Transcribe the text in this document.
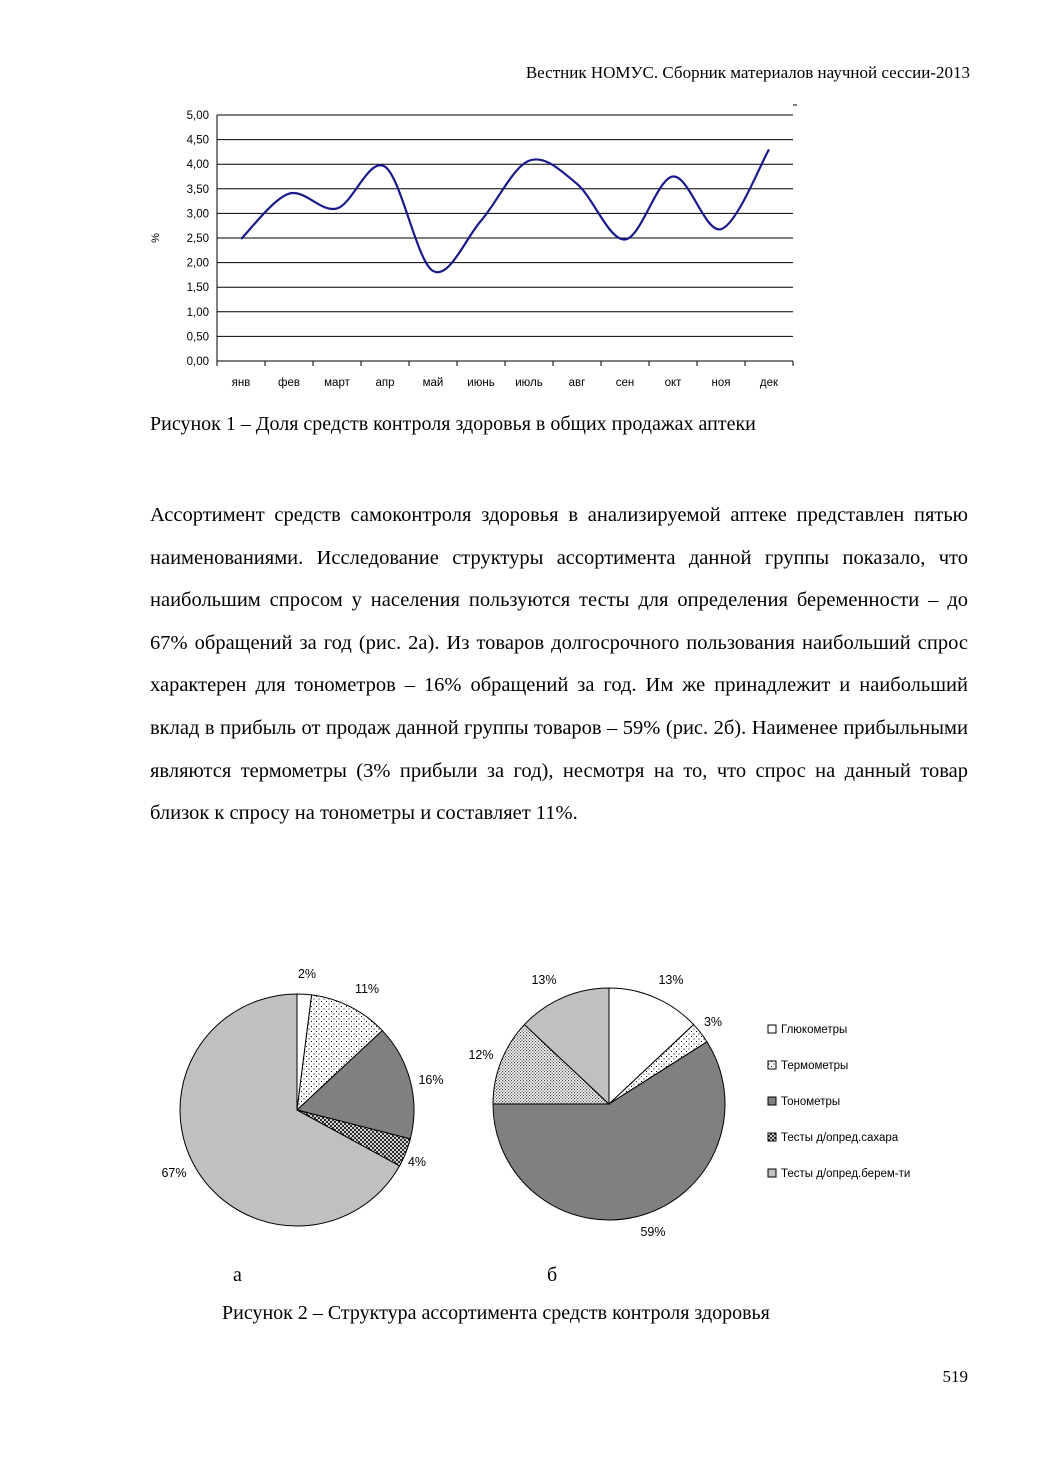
Вестник НОМУС. Сборник материалов научной сессии-2013
0,00
0,50
1,00
1,50
2,00
2,50
3,00
3,50
4,00
4,50
5,00
%
янв фев март апр май июнь июль авг	сен	окт	ноя	дек
Рисунок 1 – Доля средств контроля здоровья в общих продажах аптеки
Ассортимент средств самоконтроля здоровья в анализируемой аптеке представлен пятью наименованиями. Исследование структуры ассортимента данной группы показало, что наибольшим спросом у населения пользуются тесты для определения беременности – до 67% обращений за год (рис. 2а). Из товаров долгосрочного пользования наибольший спрос характерен для тонометров – 16% обращений за год. Им же принадлежит и наибольший вклад в прибыль от продаж данной группы товаров – 59% (рис. 2б). Наименее прибыльными являются термометры (3% прибыли за год), несмотря на то, что спрос на данный товар близок к спросу на тонометры и составляет 11%.
2%
11%
16%
4%
67%
13%
3%
59%
12%
13%
Глюкометры
Термометры
Тонометры
Тесты д/опред.сахара
Тесты д/опред.берем-ти
а	б
Рисунок 2 – Структура ассортимента средств контроля здоровья
519
